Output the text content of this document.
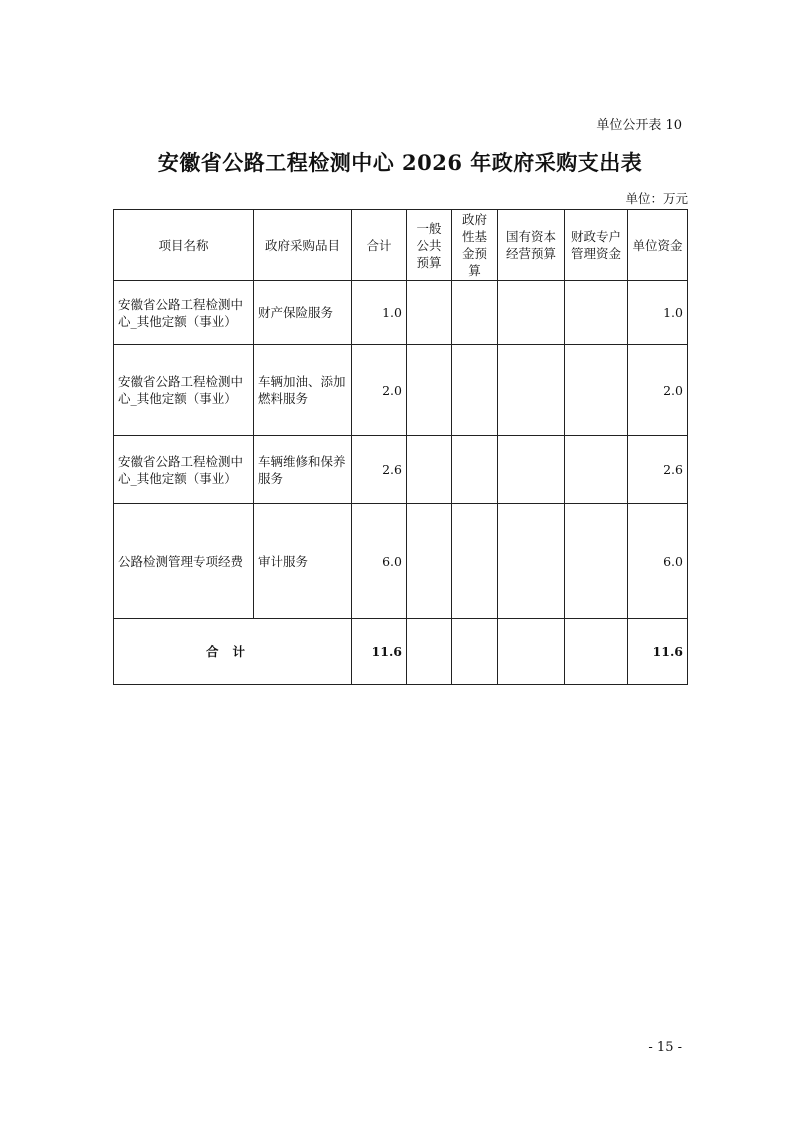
单位公开表 10
安徽省公路工程检测中心 2026 年政府采购支出表
单位：万元
项目名称	政府采购品目	合计	一般公共预算	政府性基金预算	国有资本经营预算	财政专户管理资金	单位资金
安徽省公路工程检测中心_其他定额（事业）	财产保险服务	1.0					1.0
安徽省公路工程检测中心_其他定额（事业）	车辆加油、添加燃料服务	2.0					2.0
安徽省公路工程检测中心_其他定额（事业）	车辆维修和保养服务	2.6					2.6
公路检测管理专项经费	审计服务	6.0					6.0
合计		11.6					11.6
- 15 -
